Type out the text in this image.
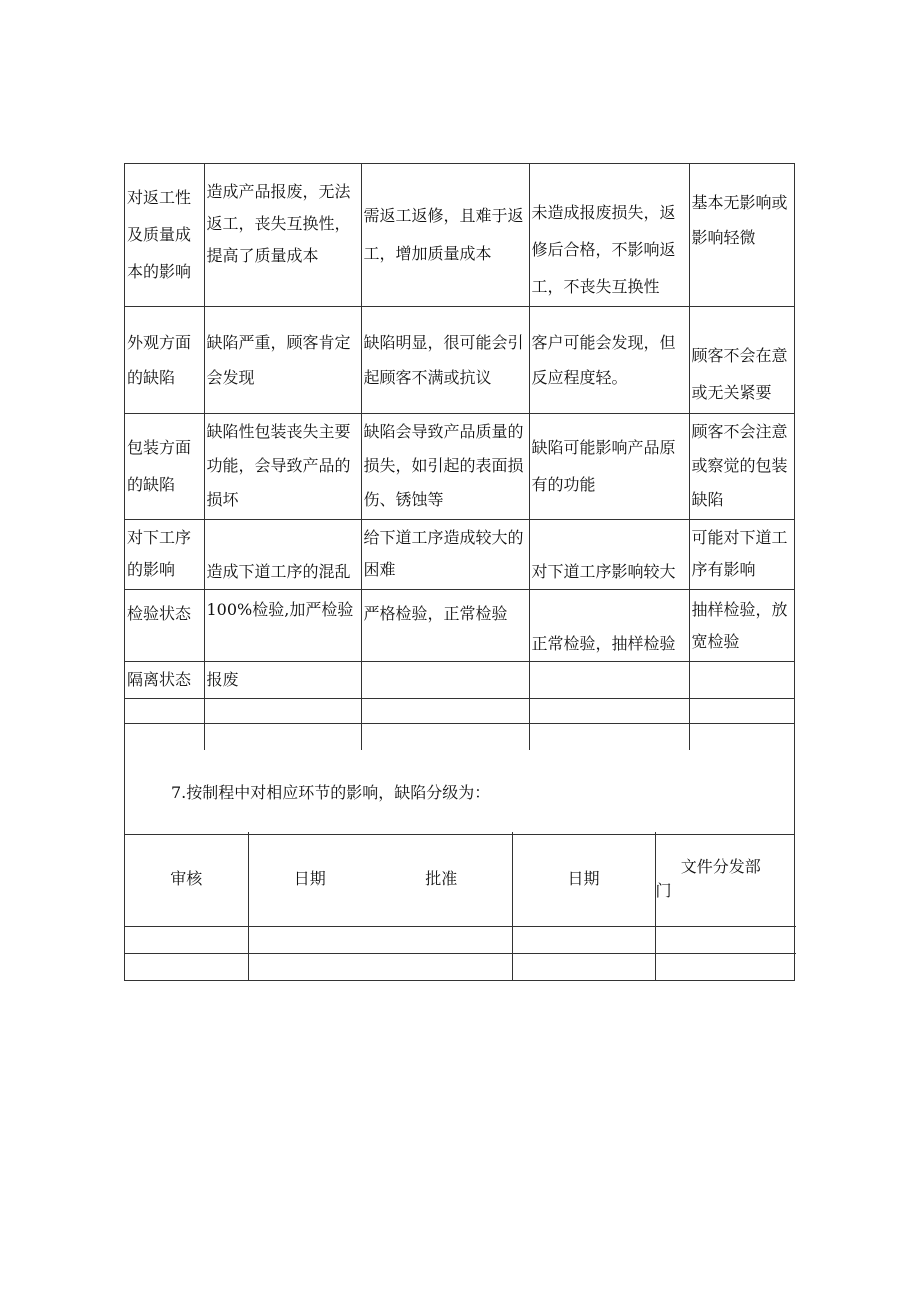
对返工性及质量成本的影响	造成产品报废，无法返工，丧失互换性，提高了质量成本	需返工返修，且难于返工，增加质量成本	未造成报废损失，返修后合格，不影响返工，不丧失互换性	基本无影响或影响轻微
外观方面的缺陷	缺陷严重，顾客肯定会发现	缺陷明显，很可能会引起顾客不满或抗议	客户可能会发现，但反应程度轻。	顾客不会在意或无关紧要
包装方面的缺陷	缺陷性包装丧失主要功能，会导致产品的损坏	缺陷会导致产品质量的损失，如引起的表面损伤、锈蚀等	缺陷可能影响产品原有的功能	顾客不会注意或察觉的包装缺陷
对下工序的影响	造成下道工序的混乱	给下道工序造成较大的困难	对下道工序影响较大	可能对下道工序有影响
检验状态	100%检验,加严检验	严格检验，正常检验	正常检验，抽样检验	抽样检验，放宽检验
隔离状态	报废			

7.按制程中对相应环节的影响，缺陷分级为：
审核	日期	批准	日期	文件分发部
门
